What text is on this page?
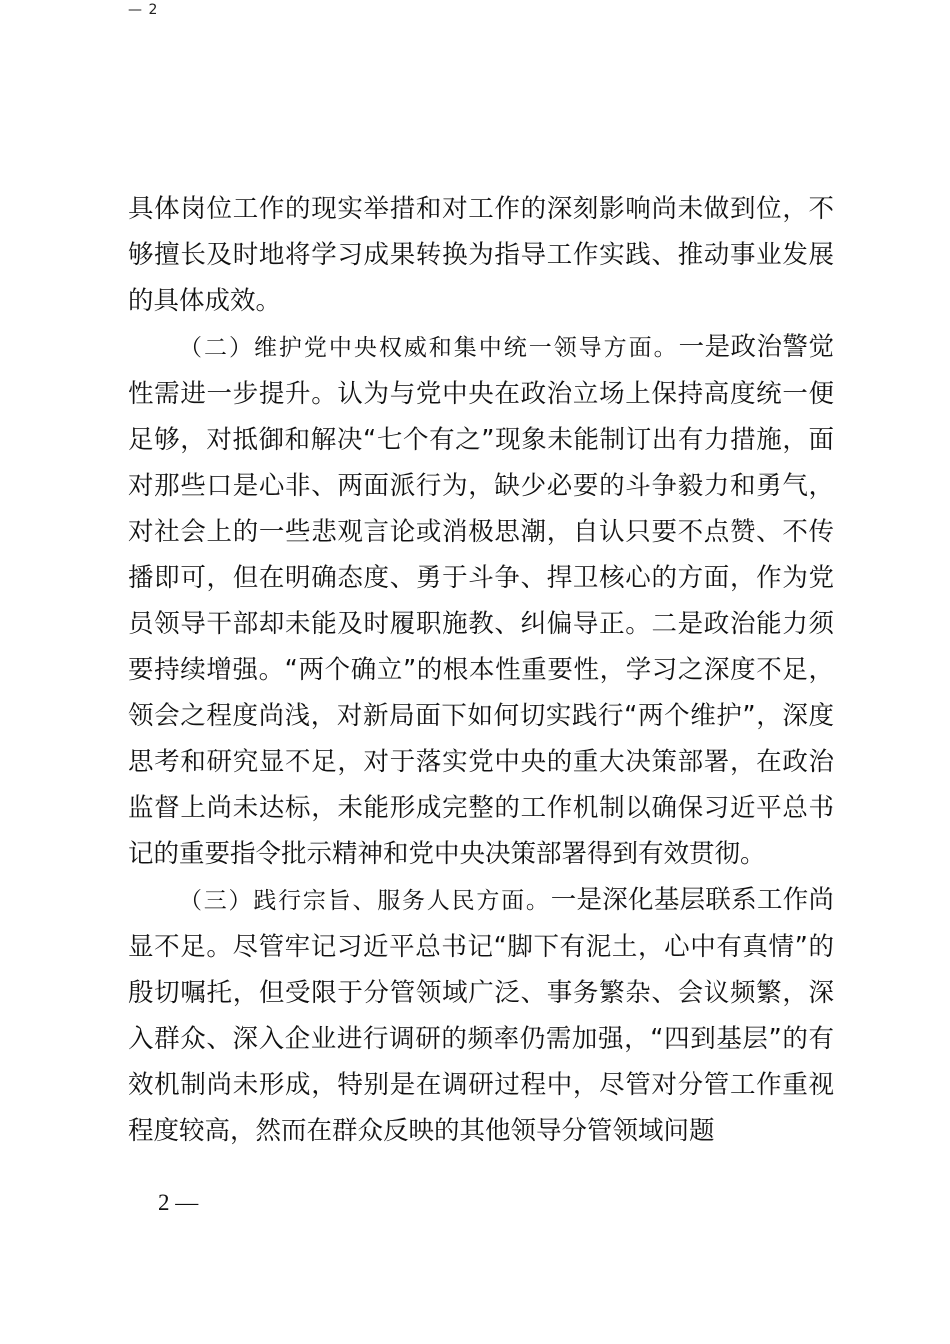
— 2

具体岗位工作的现实举措和对工作的深刻影响尚未做到位，不够擅长及时地将学习成果转换为指导工作实践、推动事业发展的具体成效。

（二）维护党中央权威和集中统一领导方面。一是政治警觉性需进一步提升。认为与党中央在政治立场上保持高度统一便足够，对抵御和解决“七个有之”现象未能制订出有力措施，面对那些口是心非、两面派行为，缺少必要的斗争毅力和勇气，对社会上的一些悲观言论或消极思潮，自认只要不点赞、不传播即可，但在明确态度、勇于斗争、捍卫核心的方面，作为党员领导干部却未能及时履职施教、纠偏导正。二是政治能力须要持续增强。“两个确立”的根本性重要性，学习之深度不足，领会之程度尚浅，对新局面下如何切实践行“两个维护”，深度思考和研究显不足，对于落实党中央的重大决策部署，在政治监督上尚未达标，未能形成完整的工作机制以确保习近平总书记的重要指令批示精神和党中央决策部署得到有效贯彻。

（三）践行宗旨、服务人民方面。一是深化基层联系工作尚显不足。尽管牢记习近平总书记“脚下有泥土，心中有真情”的殷切嘱托，但受限于分管领域广泛、事务繁杂、会议频繁，深入群众、深入企业进行调研的频率仍需加强，“四到基层”的有效机制尚未形成，特别是在调研过程中，尽管对分管工作重视程度较高，然而在群众反映的其他领导分管领域问题

2 —
